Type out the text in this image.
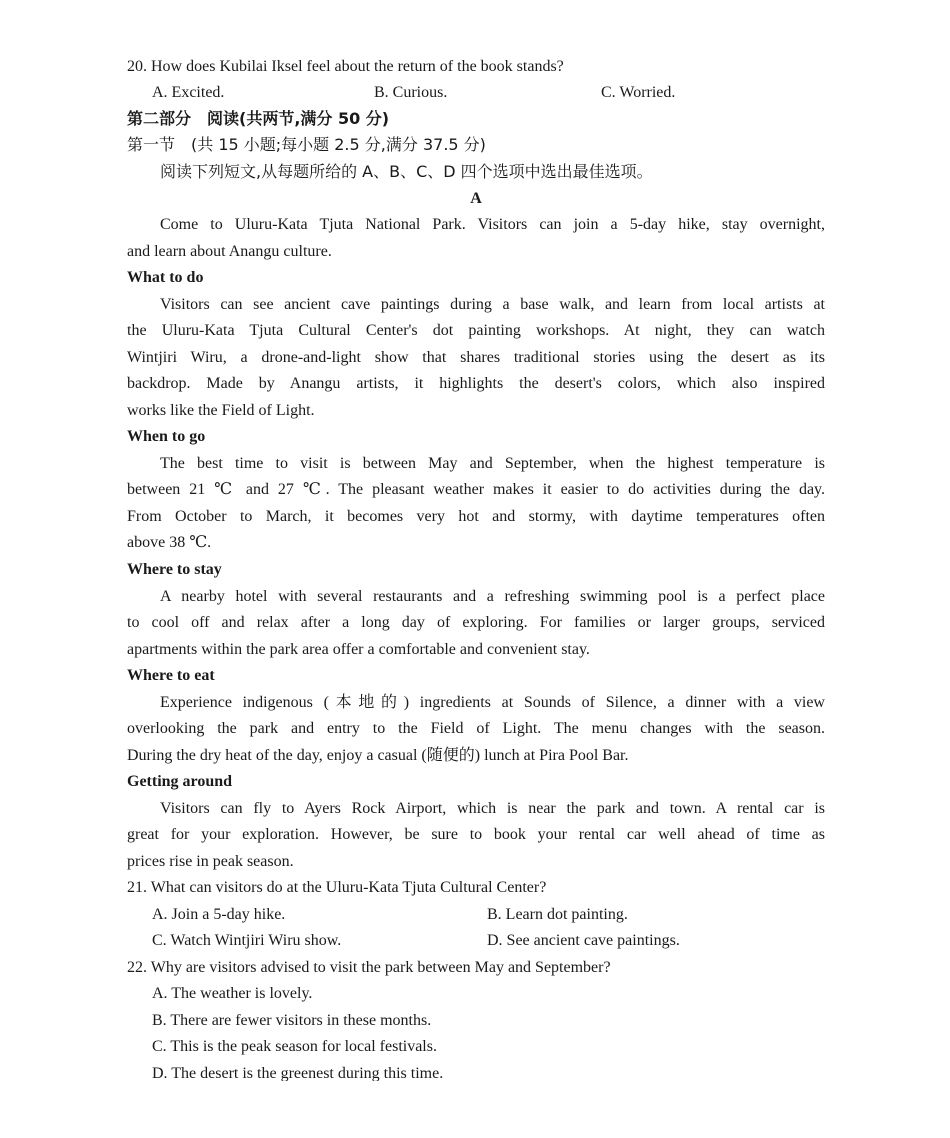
20. How does Kubilai Iksel feel about the return of the book stands?
A. Excited.	B. Curious.	C. Worried.
第二部分　阅读(共两节,满分 50 分)
第一节　(共 15 小题;每小题 2.5 分,满分 37.5 分)
阅读下列短文,从每题所给的 A、B、C、D 四个选项中选出最佳选项。
A
Come to Uluru-Kata Tjuta National Park. Visitors can join a 5-day hike, stay overnight,
and learn about Anangu culture.
What to do
Visitors can see ancient cave paintings during a base walk, and learn from local artists at
the Uluru-Kata Tjuta Cultural Center's dot painting workshops. At night, they can watch
Wintjiri Wiru, a drone-and-light show that shares traditional stories using the desert as its
backdrop. Made by Anangu artists, it highlights the desert's colors, which also inspired
works like the Field of Light.
When to go
The best time to visit is between May and September, when the highest temperature is
between 21 ℃ and 27 ℃. The pleasant weather makes it easier to do activities during the day.
From October to March, it becomes very hot and stormy, with daytime temperatures often
above 38 ℃.
Where to stay
A nearby hotel with several restaurants and a refreshing swimming pool is a perfect place
to cool off and relax after a long day of exploring. For families or larger groups, serviced
apartments within the park area offer a comfortable and convenient stay.
Where to eat
Experience indigenous (本地的) ingredients at Sounds of Silence, a dinner with a view
overlooking the park and entry to the Field of Light. The menu changes with the season.
During the dry heat of the day, enjoy a casual (随便的) lunch at Pira Pool Bar.
Getting around
Visitors can fly to Ayers Rock Airport, which is near the park and town. A rental car is
great for your exploration. However, be sure to book your rental car well ahead of time as
prices rise in peak season.
21. What can visitors do at the Uluru-Kata Tjuta Cultural Center?
A. Join a 5-day hike.	B. Learn dot painting.
C. Watch Wintjiri Wiru show.	D. See ancient cave paintings.
22. Why are visitors advised to visit the park between May and September?
A. The weather is lovely.
B. There are fewer visitors in these months.
C. This is the peak season for local festivals.
D. The desert is the greenest during this time.
